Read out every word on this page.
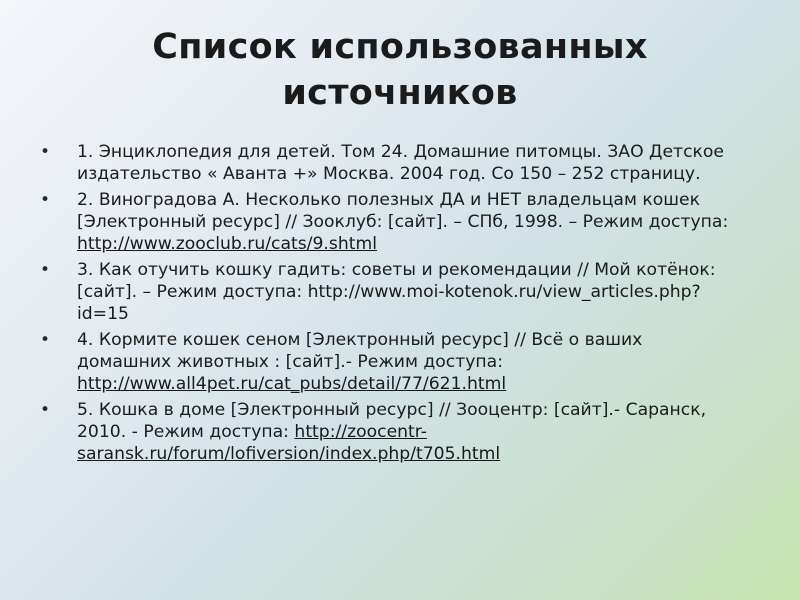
Список использованных
источников
•	1. Энциклопедия для детей. Том 24. Домашние питомцы. ЗАО Детское издательство « Аванта +» Москва. 2004 год. Со 150 – 252 страницу.
•	2. Виноградова А. Несколько полезных ДА и НЕТ владельцам кошек [Электронный ресурс] // Зооклуб: [сайт]. – СПб, 1998. – Режим доступа: http://www.zooclub.ru/cats/9.shtml
•	3. Как отучить кошку гадить: советы и рекомендации // Мой котёнок: [сайт]. – Режим доступа: http://www.moi-kotenok.ru/view_articles.php?id=15
•	4. Кормите кошек сеном [Электронный ресурс] // Всё о ваших домашних животных : [сайт].- Режим доступа: http://www.all4pet.ru/cat_pubs/detail/77/621.html
•	5. Кошка в доме [Электронный ресурс] // Зооцентр: [сайт].- Саранск, 2010. - Режим доступа: http://zoocentr-saransk.ru/forum/lofiversion/index.php/t705.html
